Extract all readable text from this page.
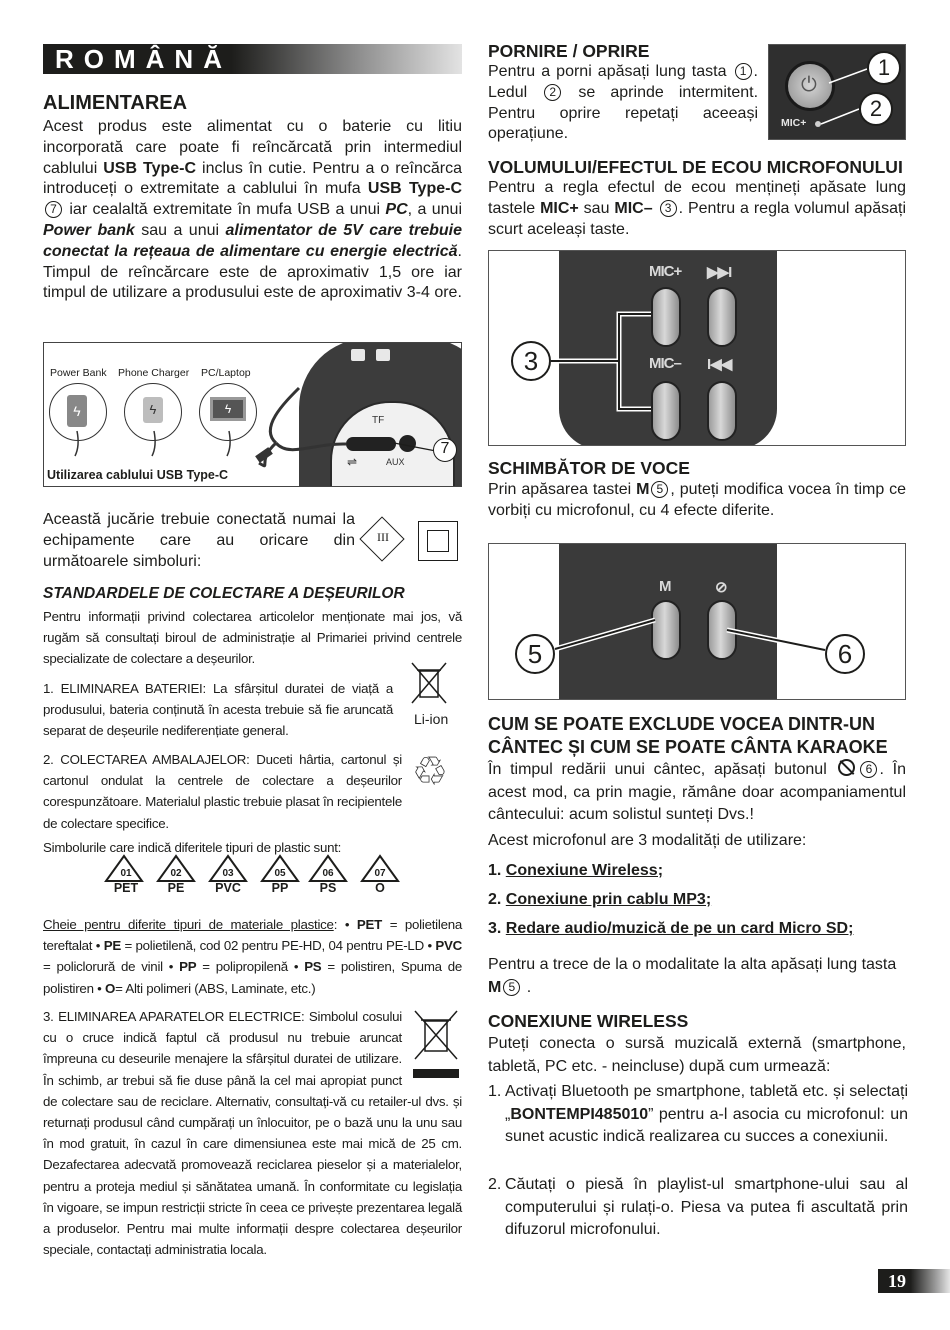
ROMÂNĂ
ALIMENTAREA
Acest produs este alimentat cu o baterie cu litiu incorporată care poate fi reîncărcată prin intermediul cablului USB Type-C inclus în cutie. Pentru a o reîncărca introduceți o extremitate a cablului în mufa USB Type-C 7 iar cealaltă extremitate în mufa USB a unui PC, a unui Power bank sau a unui alimentator de 5V care trebuie conectat la rețeaua de alimentare cu energie electrică. Timpul de reîncărcare este de aproximativ 1,5 ore iar timpul de utilizare a produsului este de aproximativ 3-4 ore.
TF
⇌	AUX
7
Power Bank Phone Charger PC/Laptop
ϟ	ϟ	ϟ
Utilizarea cablului USB Type-C
Această jucărie trebuie conectată numai la echipamente care au oricare din următoarele simboluri:
III
STANDARDELE DE COLECTARE A DEȘEURILOR
Pentru informații privind colectarea articolelor menționate mai jos, vă rugăm să consultați biroul de administrație al Primariei privind centrele specializate de colectare a deșeurilor.
1. ELIMINAREA BATERIEI: La sfârșitul duratei de viață a produsului, bateria conținută în acesta trebuie să fie aruncată separat de deșeurile nediferențiate general.
Li-ion
2. COLECTAREA AMBALAJELOR: Duceti hârtia, cartonul și cartonul ondulat la centrele de colectare a deșeurilor corespunzătoare. Materialul plastic trebuie plasat în recipientele de colectare specifice.
♲
Simbolurile care indică diferitele tipuri de plastic sunt:
01
PET
02
PE
03
PVC
05
PP
06
PS
07
O
Cheie pentru diferite tipuri de materiale plastice: • PET = polietilena tereftalat • PE = polietilenă, cod 02 pentru PE-HD, 04 pentru PE-LD • PVC = policlorură de vinil • PP = polipropilenă • PS = polistiren, Spuma de polistiren • O= Alti polimeri (ABS, Laminate, etc.)
3. ELIMINAREA APARATELOR ELECTRICE: Simbolul cosului cu o cruce indică faptul că produsul nu trebuie aruncat împreuna cu deseurile menajere la sfârșitul duratei de utilizare. În schimb, ar trebui să fie duse până la cel mai apropiat punct de colectare sau de reciclare. Alternativ, consultați-vă cu retailer-ul dvs. și returnați produsul când cumpărați un înlocuitor, pe o bază unu la unu sau în mod gratuit, în cazul în care dimensiunea este mai mică de 25 cm. Dezafectarea adecvată promovează reciclarea pieselor și a materialelor, pentru a proteja mediul și sănătatea umană. În conformitate cu legislația în vigoare, se impun restricții stricte în ceea ce privește prezentarea legală a produselor. Pentru mai multe informații despre colectarea deșeurilor speciale, contactați administratia locala.
PORNIRE / OPRIRE
Pentru a porni apăsați lung tasta 1 . Ledul 2 se aprinde intermitent. Pentru oprire repetați aceeași operațiune.
⏻
MIC+
1
2
VOLUMULUI/EFECTUL DE ECOU MICROFONULUI
Pentru a regla efectul de ecou mențineți apăsate lung tastele MIC+ sau MIC– 3 . Pentru a regla volumul apăsați scurt aceleași taste.
MIC+ ▶▶I
MIC– I◀◀
3
SCHIMBĂTOR DE VOCE
Prin apăsarea tastei M 5 , puteți modifica vocea în timp ce vorbiți cu microfonul, cu 4 efecte diferite.
M	⊘
5	6
CUM SE POATE EXCLUDE VOCEA DINTR-UN CÂNTEC ȘI CUM SE POATE CÂNTA KARAOKE
În timpul redării unui cântec, apăsați butonul	6 . În acest mod, ca prin magie, rămâne doar acompaniamentul cântecului: acum solistul sunteți Dvs.!
Acest microfonul are 3 modalități de utilizare:
1. Conexiune Wireless;
2. Conexiune prin cablu MP3;
3. Redare audio/muzică de pe un card Micro SD;
Pentru a trece de la o modalitate la alta apăsați lung tasta M 5 .
CONEXIUNE WIRELESS
Puteți conecta o sursă muzicală externă (smartphone, tabletă, PC etc. - neincluse) după cum urmează:
1. Activați Bluetooth pe smartphone, tabletă etc. și selectați „BONTEMPI485010” pentru a-l asocia cu microfonul: un sunet acustic indică realizarea cu succes a conexiunii.
2. Căutați o piesă în playlist-ul smartphone-ului sau al computerului și rulați-o. Piesa va putea fi ascultată prin difuzorul microfonului.
19
